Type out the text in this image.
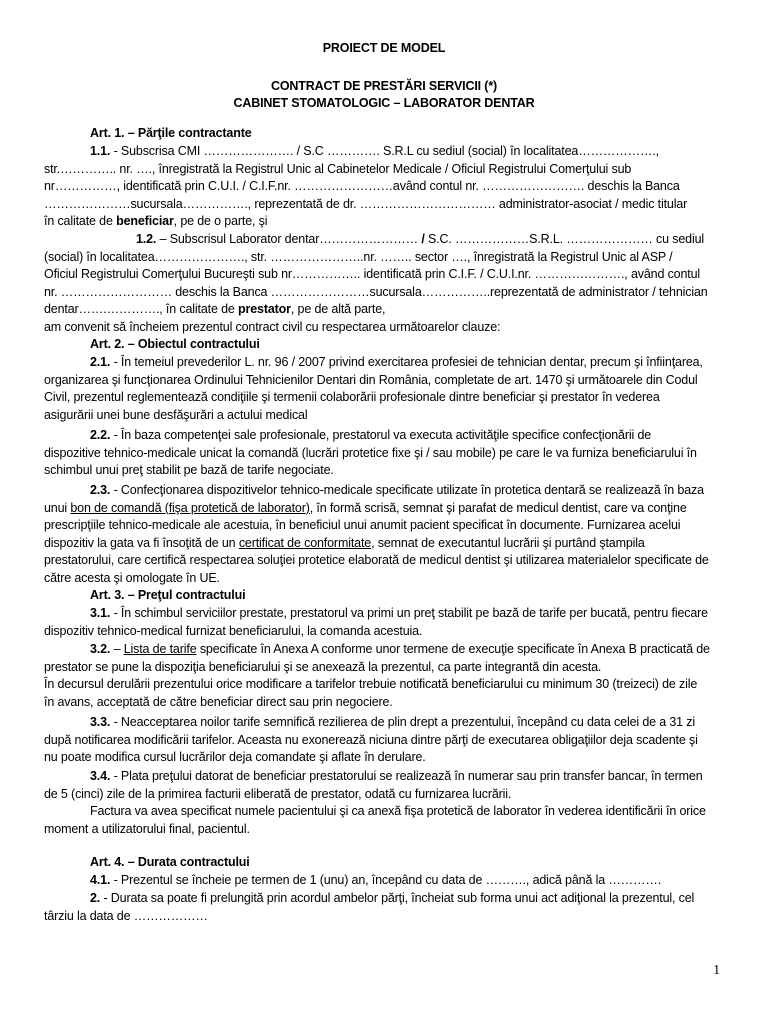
PROIECT DE MODEL
CONTRACT DE PRESTĂRI SERVICII (*)
CABINET STOMATOLOGIC – LABORATOR DENTAR
Art. 1. – Părţile contractante
1.1. - Subscrisa CMI …………………. / S.C …………. S.R.L cu sediul (social) în localitatea……………….,
str.………….. nr. …., înregistrată la Registrul Unic al Cabinetelor Medicale / Oficiul Registrului Comerţului sub
nr……………, identificată prin C.U.I. / C.I.F.nr. ……………………având contul nr. ……………………. deschis la Banca
…………………sucursala……………., reprezentată de dr. …………………………… administrator-asociat / medic titular
în calitate de beneficiar, pe de o parte, şi
1.2. – Subscrisul Laborator dentar…………………… / S.C. ………………S.R.L. ………………… cu sediul
(social) în localitatea…………………., str. …………………..nr. …….. sector …., înregistrată la Registrul Unic al ASP /
Oficiul Registrului Comerţului Bucureşti sub nr…………….. identificată prin C.I.F. / C.U.I.nr. …………………., având contul
nr. ……………………… deschis la Banca ……………………sucursala……………..reprezentată de administrator / tehnician
dentar…….…………., în calitate de prestator, pe de altă parte,
am convenit să încheiem prezentul contract civil cu respectarea următoarelor clauze:
Art. 2. – Obiectul contractului
2.1. - În temeiul prevederilor L. nr. 96 / 2007 privind exercitarea profesiei de tehnician dentar, precum şi înfiinţarea,
organizarea şi funcţionarea Ordinului Tehnicienilor Dentari din România, completate de art. 1470 şi următoarele din Codul
Civil, prezentul reglementează condiţiile şi termenii colaborării profesionale dintre beneficiar şi prestator în vederea
asigurării unei bune desfăşurări a actului medical
2.2. - În baza competenţei sale profesionale, prestatorul va executa activităţile specifice confecţionării de
dispozitive tehnico-medicale unicat la comandă (lucrări protetice fixe şi / sau mobile) pe care le va furniza beneficiarului în
schimbul unui preţ stabilit pe bază de tarife negociate.
2.3. - Confecţionarea dispozitivelor tehnico-medicale specificate utilizate în protetica dentară se realizează în baza
unui bon de comandă (fişa protetică de laborator), în formă scrisă, semnat şi parafat de medicul dentist, care va conţine
prescripţiile tehnico-medicale ale acestuia, în beneficiul unui anumit pacient specificat în documente. Furnizarea acelui
dispozitiv la gata va fi însoţită de un certificat de conformitate, semnat de executantul lucrării şi purtând ştampila
prestatorului, care certifică respectarea soluţiei protetice elaborată de medicul dentist şi utilizarea materialelor specificate de
către acesta şi omologate în UE.
Art. 3. – Preţul contractului
3.1. - În schimbul serviciilor prestate, prestatorul va primi un preţ stabilit pe bază de tarife per bucată, pentru fiecare
dispozitiv tehnico-medical furnizat beneficiarului, la comanda acestuia.
3.2. – Lista de tarife specificate în Anexa A conforme unor termene de execuţie specificate în Anexa B practicată de
prestator se pune la dispoziţia beneficiarului şi se anexează la prezentul, ca parte integrantă din acesta.
În decursul derulării prezentului orice modificare a tarifelor trebuie notificată beneficiarului cu minimum 30 (treizeci) de zile
în avans, acceptată de către beneficiar direct sau prin negociere.
3.3. - Neacceptarea noilor tarife semnifică rezilierea de plin drept a prezentului, începând cu data celei de a 31 zi
după notificarea modificării tarifelor. Aceasta nu exonerează niciuna dintre părţi de executarea obligaţiilor deja scadente şi
nu poate modifica cursul lucrărilor deja comandate şi aflate în derulare.
3.4. - Plata preţului datorat de beneficiar prestatorului se realizează în numerar sau prin transfer bancar, în termen
de 5 (cinci) zile de la primirea facturii eliberată de prestator, odată cu furnizarea lucrării.
Factura va avea specificat numele pacientului şi ca anexă fişa protetică de laborator în vederea identificării în orice
moment a utilizatorului final, pacientul.
Art. 4. – Durata contractului
4.1. - Prezentul se încheie pe termen de 1 (unu) an, începând cu data de ………., adică până la ………….
2. - Durata sa poate fi prelungită prin acordul ambelor părţi, încheiat sub forma unui act adiţional la prezentul, cel
târziu la data de ………………
1
